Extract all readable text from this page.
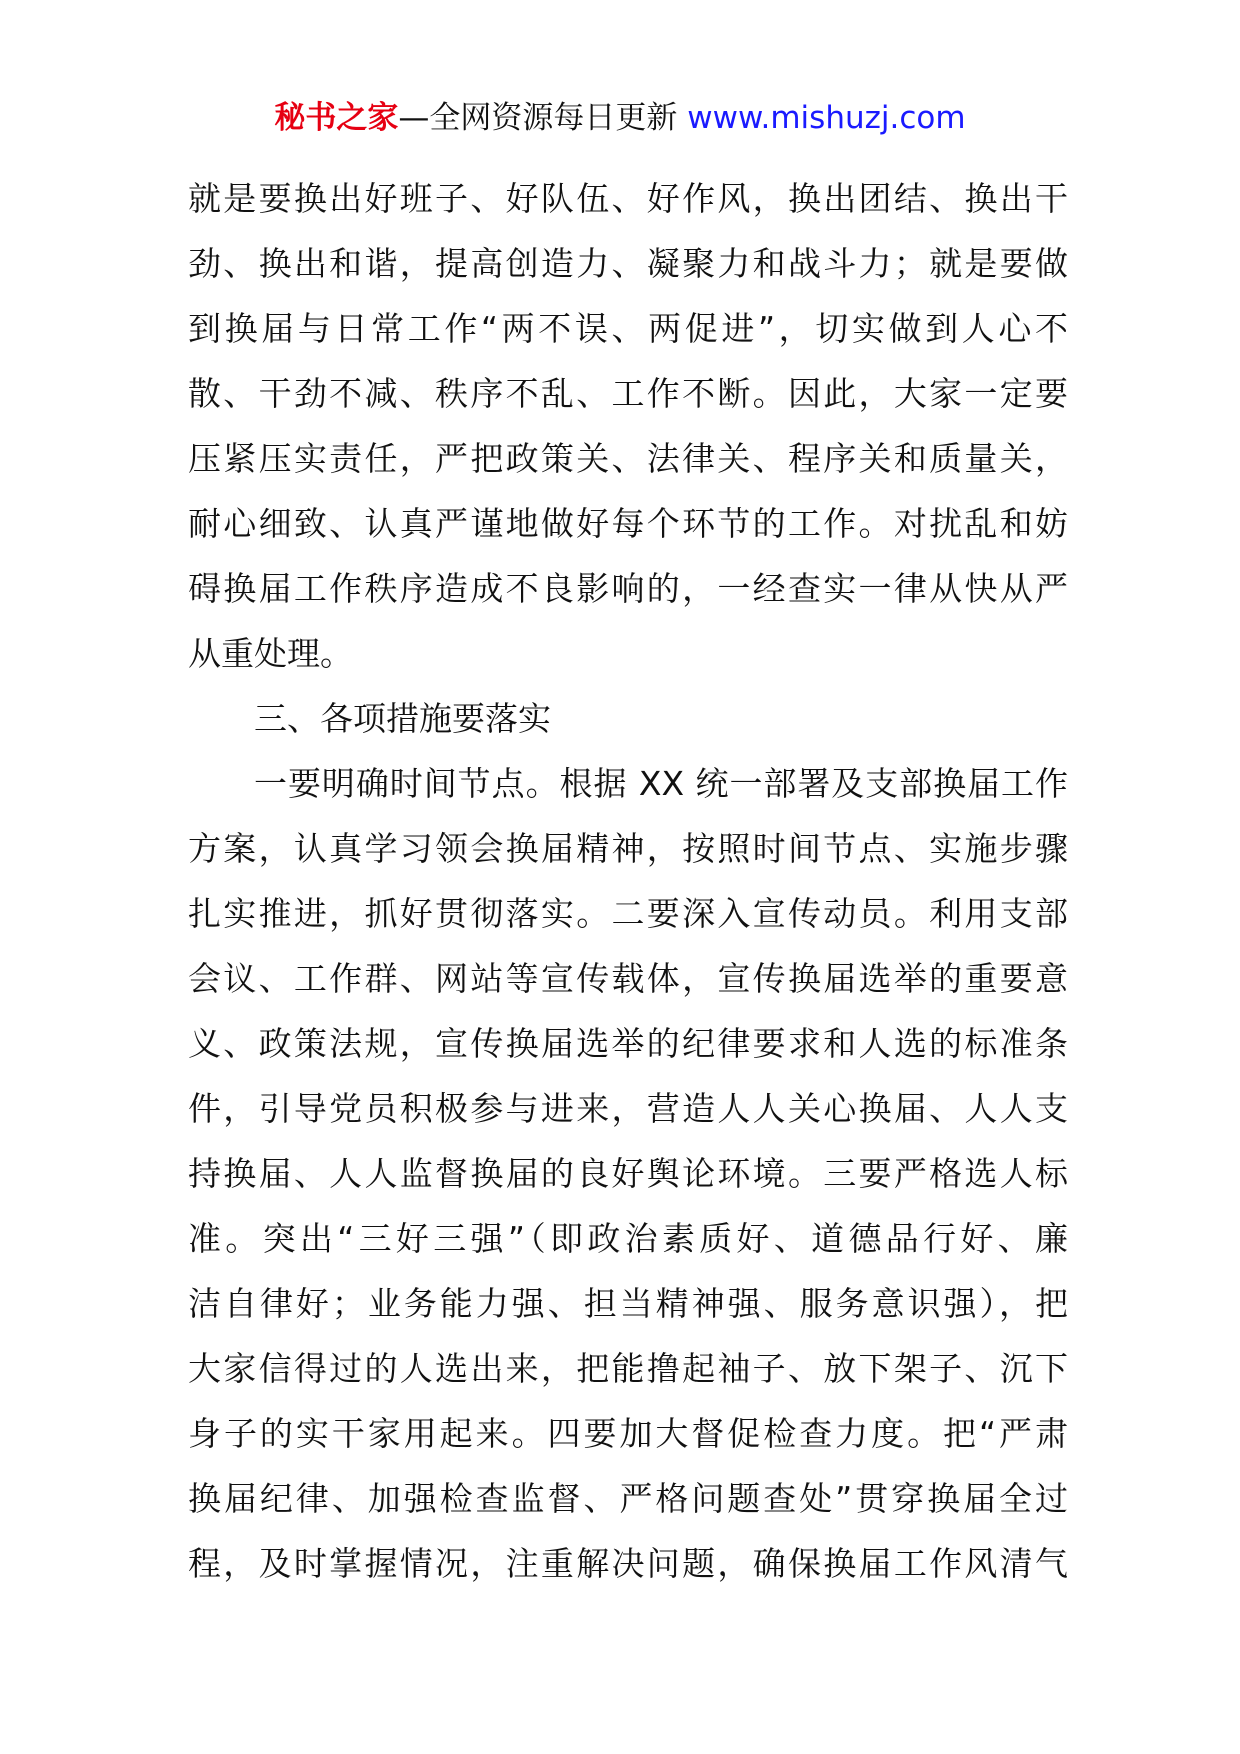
秘书之家—全网资源每日更新 www.mishuzj.com
就是要换出好班子、好队伍、好作风，换出团结、换出干
劲、换出和谐，提高创造力、凝聚力和战斗力；就是要做
到换届与日常工作“两不误、两促进”，切实做到人心不
散、干劲不减、秩序不乱、工作不断。因此，大家一定要
压紧压实责任，严把政策关、法律关、程序关和质量关，
耐心细致、认真严谨地做好每个环节的工作。对扰乱和妨
碍换届工作秩序造成不良影响的，一经查实一律从快从严
从重处理。
三、各项措施要落实
一要明确时间节点。根据 XX 统一部署及支部换届工作
方案，认真学习领会换届精神，按照时间节点、实施步骤
扎实推进，抓好贯彻落实。二要深入宣传动员。利用支部
会议、工作群、网站等宣传载体，宣传换届选举的重要意
义、政策法规，宣传换届选举的纪律要求和人选的标准条
件，引导党员积极参与进来，营造人人关心换届、人人支
持换届、人人监督换届的良好舆论环境。三要严格选人标
准。突出“三好三强”（即政治素质好、道德品行好、廉
洁自律好；业务能力强、担当精神强、服务意识强），把
大家信得过的人选出来，把能撸起袖子、放下架子、沉下
身子的实干家用起来。四要加大督促检查力度。把“严肃
换届纪律、加强检查监督、严格问题查处”贯穿换届全过
程，及时掌握情况，注重解决问题，确保换届工作风清气
